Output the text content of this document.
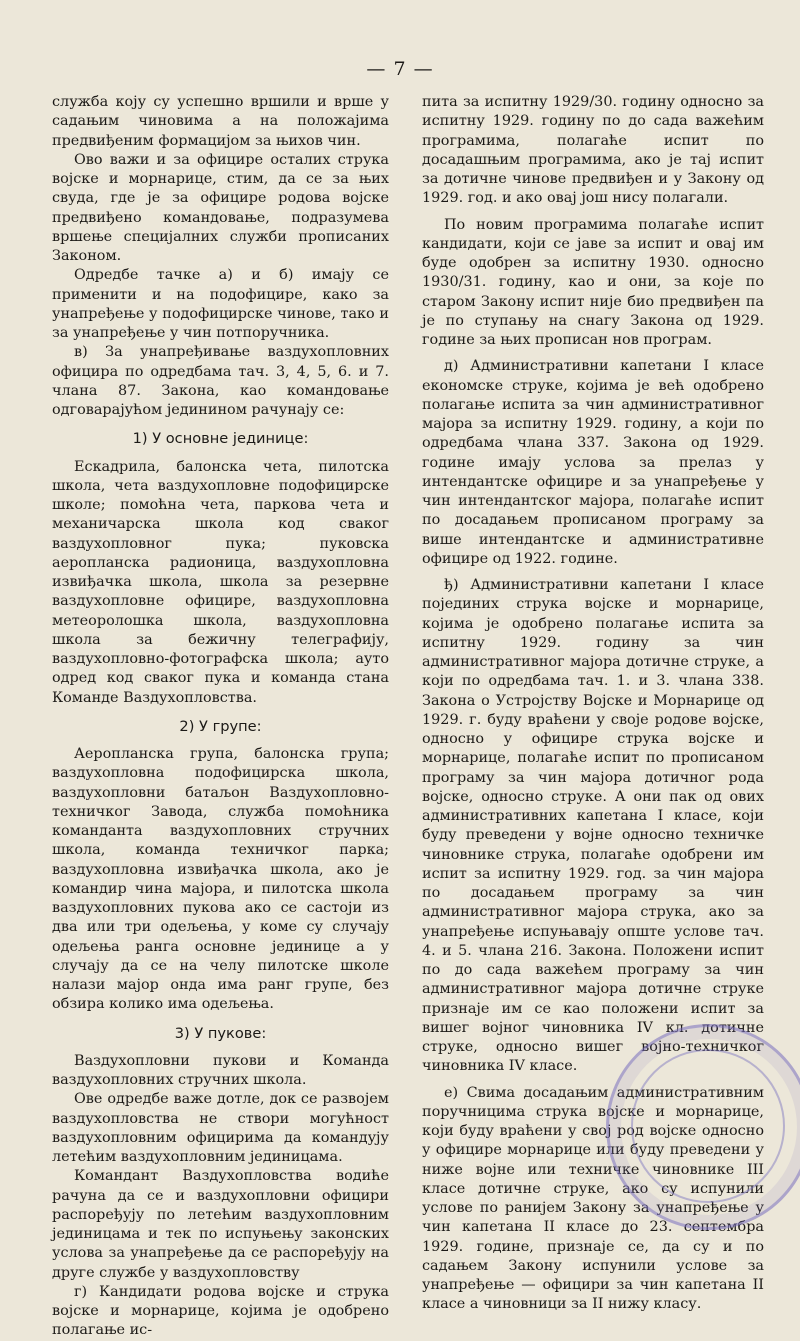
— 7 —

служба коју су успешно вршили и врше у садањим чиновима а на положајима предвиђеним формацијом за њихов чин.

Ово важи и за официре осталих струка војске и морнарице, стим, да се за њих свуда, где је за официре родова војске предвиђено командовање, подразумева вршење специјалних служби прописаних Законом.

Одредбе тачке а) и б) имају се применити и на подофицире, како за унапређење у подофицирске чинове, тако и за унапређење у чин потпоручника.

в) За унапређивање ваздухопловних официра по одредбама тач. 3, 4, 5, 6. и 7. члана 87. Закона, као командовање одговарајућом јединином рачунају се:

1) У основне јединице:

Ескадрила, балонска чета, пилотска школа, чета ваздухопловне подофицирске школе; помоћна чета, паркова чета и механичарска школа код сваког ваздухопловног пука; пуковска аеропланска радионица, ваздухопловна извиђачка школа, школа за резервне ваздухопловне официре, ваздухопловна метеоролошка школа, ваздухопловна школа за бежичну телеграфију, ваздухопловно-фотографска школа; ауто одред код сваког пука и команда стана Команде Ваздухопловства.

2) У групе:

Аеропланска група, балонска група; ваздухопловна подофицирска школа, ваздухопловни батаљон Ваздухопловно-техничког Завода, служба помоћника команданта ваздухопловних стручних школа, команда техничког парка; ваздухопловна извиђачка школа, ако је командир чина мајора, и пилотска школа ваздухопловних пукова ако се састоји из два или три одељења, у коме су случају одељења ранга основне јединице а у случају да се на челу пилотске школе налази мајор онда има ранг групе, без обзира колико има одељења.

3) У пукове:

Ваздухопловни пукови и Команда ваздухопловних стручних школа.

Ове одредбе важе дотле, док се развојем ваздухопловства не створи могућност ваздухопловним официрима да командују летећим ваздухопловним јединицама.

Командант Ваздухопловства водиће рачуна да се и ваздухопловни официри распоређују по летећим ваздухопловним јединицама и тек по испуњењу законских услова за унапређење да се распоређују на друге службе у ваздухопловству

г) Кандидати родова војске и струка војске и морнарице, којима је одобрено полагање ис-

пита за испитну 1929/30. годину односно за испитну 1929. годину по до сада важећим програмима, полагаће испит по досадашњим програмима, ако је тај испит за дотичне чинове предвиђен и у Закону од 1929. год. и ако овај још нису полагали.

По новим програмима полагаће испит кандидати, који се јаве за испит и овај им буде одобрен за испитну 1930. односно 1930/31. годину, као и они, за које по старом Закону испит није био предвиђен па је по ступању на снагу Закона од 1929. године за њих прописан нов програм.

д) Административни капетани I класе економске струке, којима је већ одобрено полагање испита за чин административног мајора за испитну 1929. годину, а који по одредбама члана 337. Закона од 1929. године имају услова за прелаз у интендантске официре и за унапређење у чин интендантског мајора, полагаће испит по досадањем прописаном програму за више интендантске и административне официре од 1922. године.

ђ) Административни капетани I класе појединих струка војске и морнарице, којима је одобрено полагање испита за испитну 1929. годину за чин административног мајора дотичне струке, а који по одредбама тач. 1. и 3. члана 338. Закона о Устројству Војске и Морнарице од 1929. г. буду враћени у своје родове војске, односно у официре струка војске и морнарице, полагаће испит по прописаном програму за чин мајора дотичног рода војске, односно струке. А они пак од ових административних капетана I класе, који буду преведени у војне односно техничке чиновнике струка, полагаће одобрени им испит за испитну 1929. год. за чин мајора по досадањем програму за чин административног мајора струка, ако за унапређење испуњавају опште услове тач. 4. и 5. члана 216. Закона. Положени испит по до сада важећем програму за чин административног мајора дотичне струке признаје им се као положени испит за вишег војног чиновника IV кл. дотичне струке, односно вишег војно-техничког чиновника IV класе.

е) Свима досадањим административним поручницима струка војске и морнарице, који буду враћени у свој род војске односно у официре морнарице или буду преведени у ниже војне или техничке чиновнике III класе дотичне струке, ако су испунили услове по ранијем Закону за унапређење у чин капетана II класе до 23. септембра 1929. године, признаје се, да су и по садањем Закону испунили услове за унапређење — официри за чин капетана II класе а чиновници за II нижу класу.
